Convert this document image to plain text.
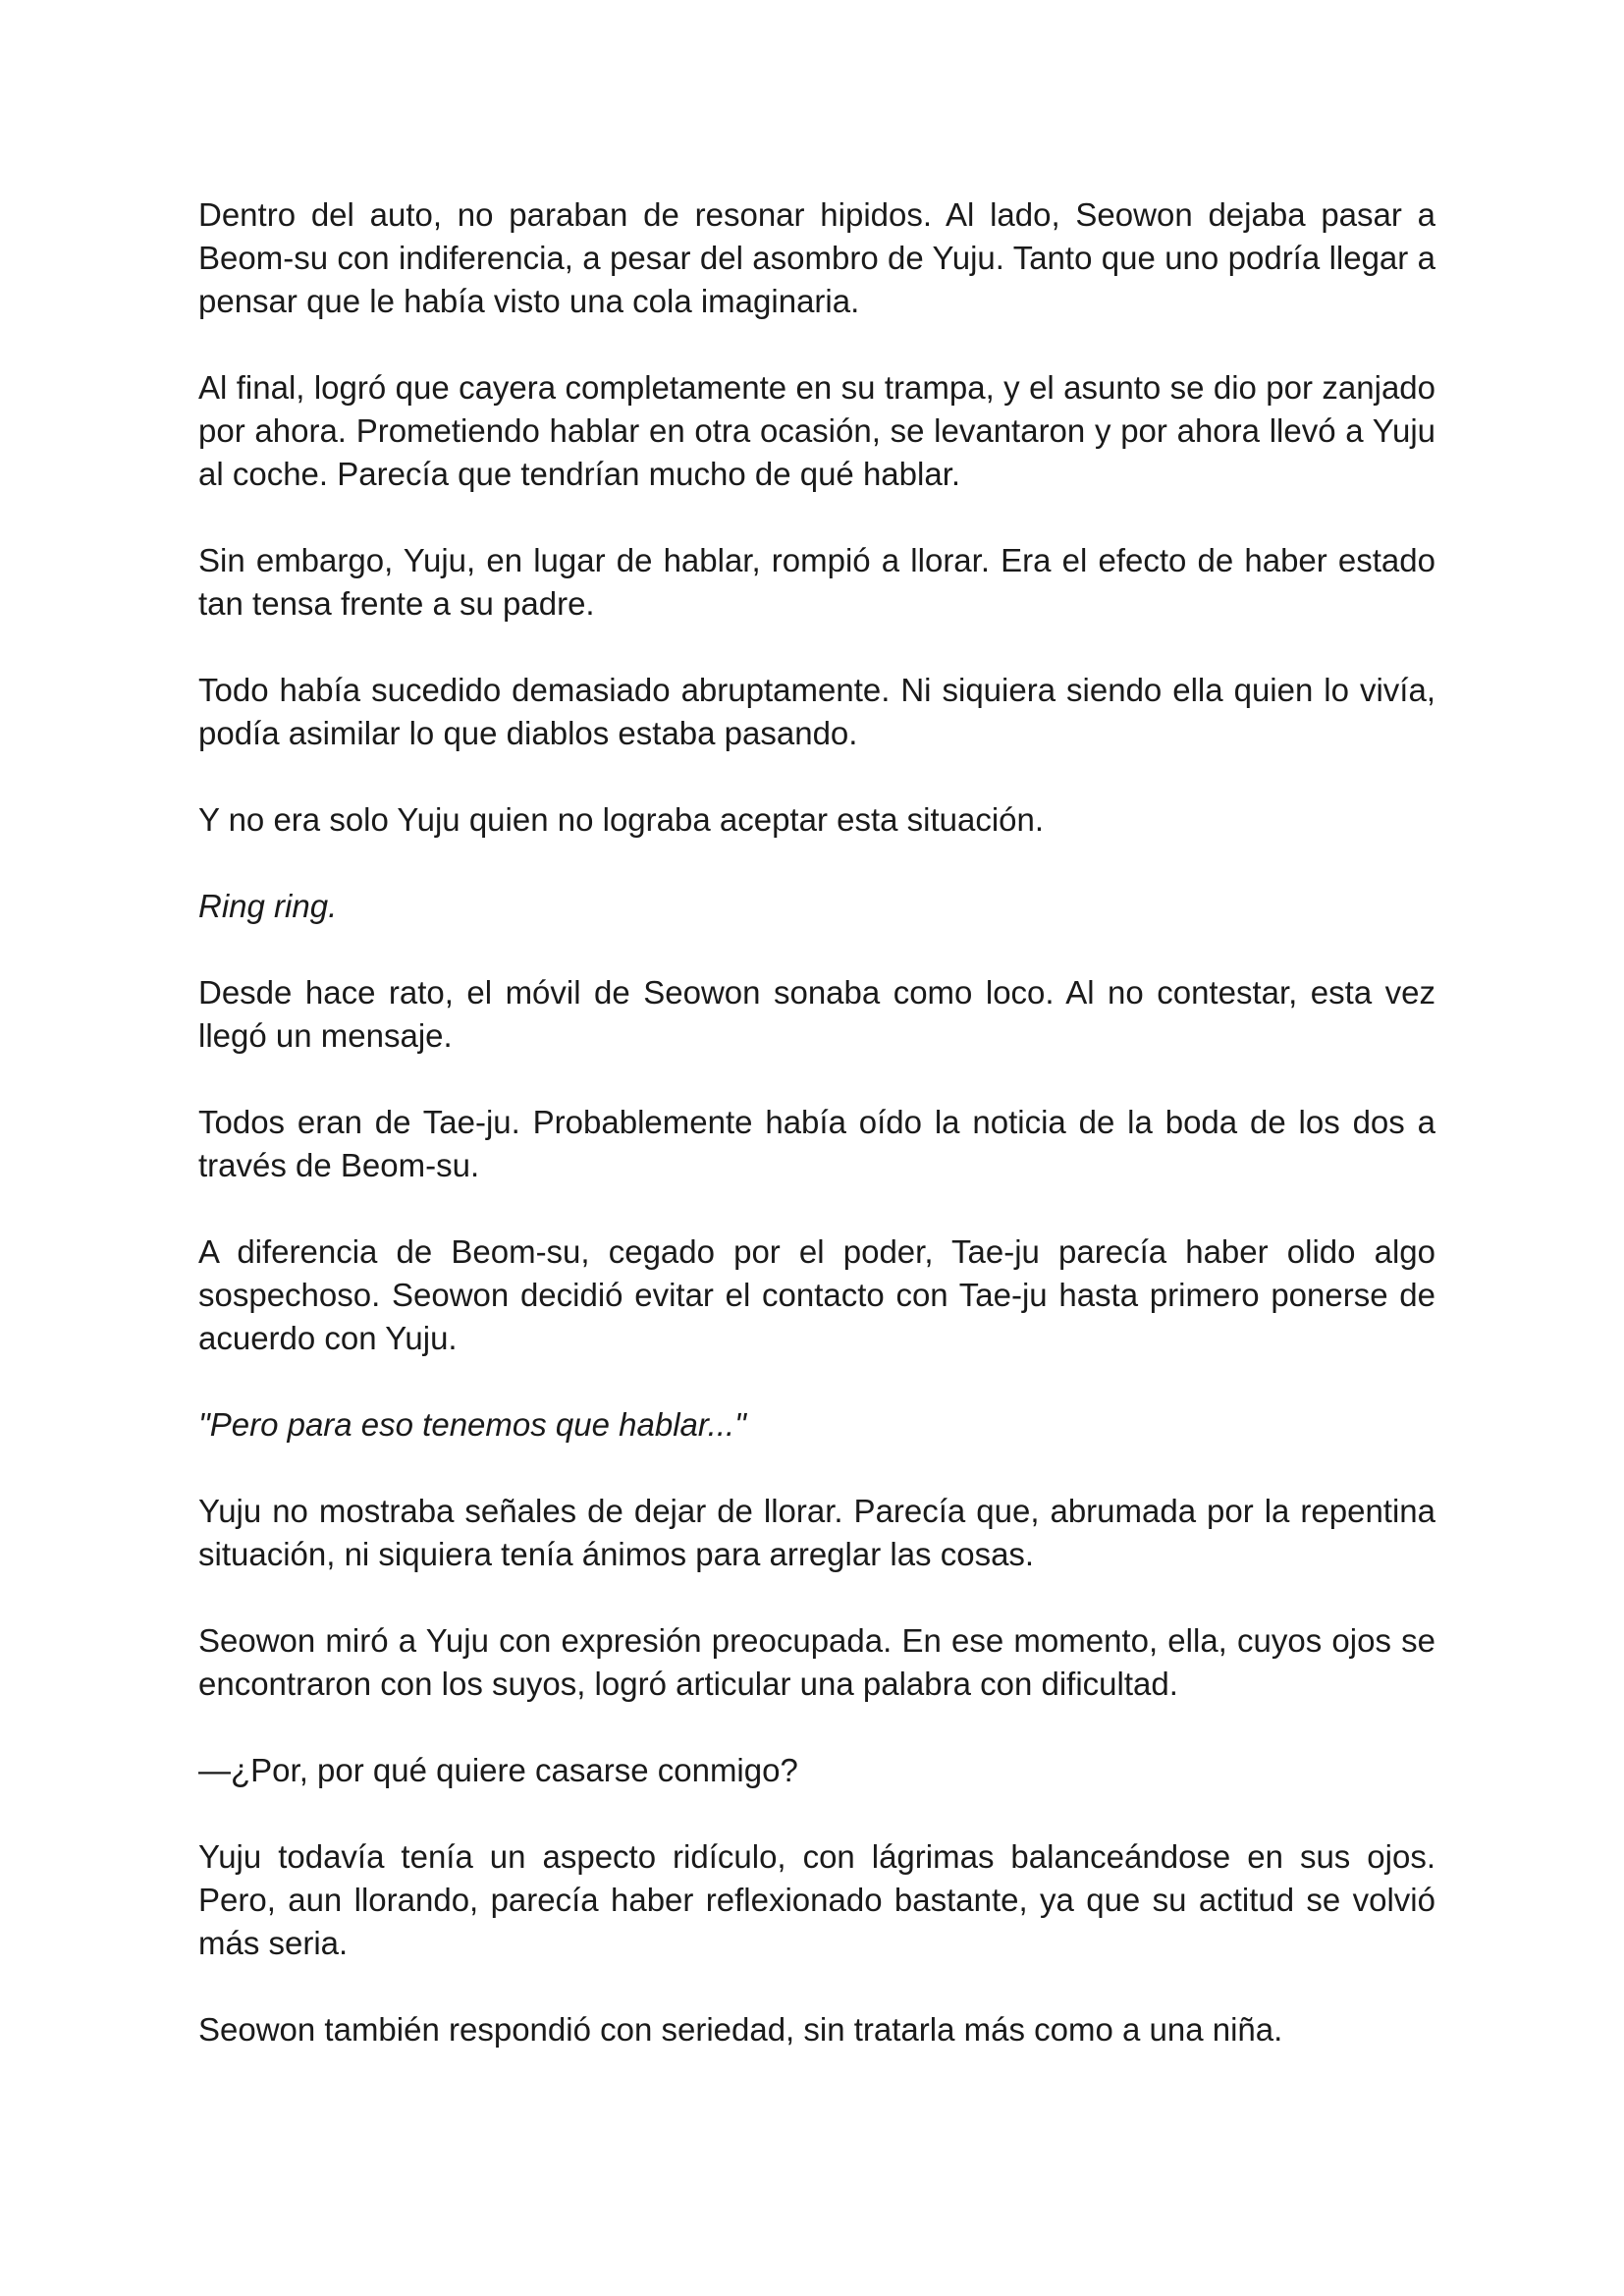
Dentro del auto, no paraban de resonar hipidos. Al lado, Seowon dejaba pasar a Beom-su con indiferencia, a pesar del asombro de Yuju. Tanto que uno podría llegar a pensar que le había visto una cola imaginaria.

Al final, logró que cayera completamente en su trampa, y el asunto se dio por zanjado por ahora. Prometiendo hablar en otra ocasión, se levantaron y por ahora llevó a Yuju al coche. Parecía que tendrían mucho de qué hablar.

Sin embargo, Yuju, en lugar de hablar, rompió a llorar. Era el efecto de haber estado tan tensa frente a su padre.

Todo había sucedido demasiado abruptamente. Ni siquiera siendo ella quien lo vivía, podía asimilar lo que diablos estaba pasando.

Y no era solo Yuju quien no lograba aceptar esta situación.

Ring ring.

Desde hace rato, el móvil de Seowon sonaba como loco. Al no contestar, esta vez llegó un mensaje.

Todos eran de Tae-ju. Probablemente había oído la noticia de la boda de los dos a través de Beom-su.

A diferencia de Beom-su, cegado por el poder, Tae-ju parecía haber olido algo sospechoso. Seowon decidió evitar el contacto con Tae-ju hasta primero ponerse de acuerdo con Yuju.

"Pero para eso tenemos que hablar..."

Yuju no mostraba señales de dejar de llorar. Parecía que, abrumada por la repentina situación, ni siquiera tenía ánimos para arreglar las cosas.

Seowon miró a Yuju con expresión preocupada. En ese momento, ella, cuyos ojos se encontraron con los suyos, logró articular una palabra con dificultad.

—¿Por, por qué quiere casarse conmigo?

Yuju todavía tenía un aspecto ridículo, con lágrimas balanceándose en sus ojos. Pero, aun llorando, parecía haber reflexionado bastante, ya que su actitud se volvió más seria.

Seowon también respondió con seriedad, sin tratarla más como a una niña.
